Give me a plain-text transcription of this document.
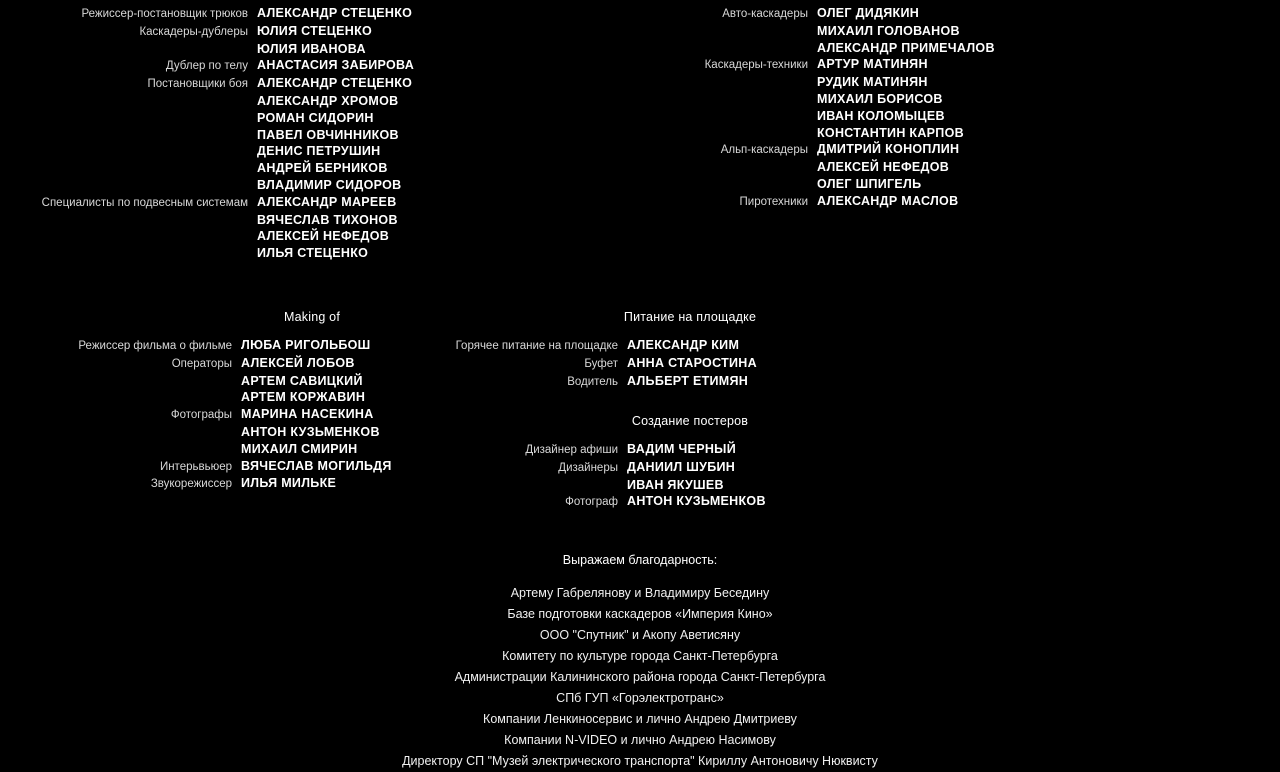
Режиссер-постановщик трюков АЛЕКСАНДР СТЕЦЕНКО
Каскадеры-дублеры ЮЛИЯ СТЕЦЕНКО
ЮЛИЯ ИВАНОВА
Дублер по телу АНАСТАСИЯ ЗАБИРОВА
Постановщики боя АЛЕКСАНДР СТЕЦЕНКО
АЛЕКСАНДР ХРОМОВ
РОМАН СИДОРИН
ПАВЕЛ ОВЧИННИКОВ
ДЕНИС ПЕТРУШИН
АНДРЕЙ БЕРНИКОВ
ВЛАДИМИР СИДОРОВ
Специалисты по подвесным системам АЛЕКСАНДР МАРЕЕВ
ВЯЧЕСЛАВ ТИХОНОВ
АЛЕКСЕЙ НЕФЕДОВ
ИЛЬЯ СТЕЦЕНКО
Авто-каскадеры ОЛЕГ ДИДЯКИН
МИХАИЛ ГОЛОВАНОВ
АЛЕКСАНДР ПРИМЕЧАЛОВ
Каскадеры-техники АРТУР МАТИНЯН
РУДИК МАТИНЯН
МИХАИЛ БОРИСОВ
ИВАН КОЛОМЫЦЕВ
КОНСТАНТИН КАРПОВ
Альп-каскадеры ДМИТРИЙ КОНОПЛИН
АЛЕКСЕЙ НЕФЕДОВ
ОЛЕГ ШПИГЕЛЬ
Пиротехники АЛЕКСАНДР МАСЛОВ
Making of
Режиссер фильма о фильме ЛЮБА РИГОЛЬБОШ
Операторы АЛЕКСЕЙ ЛОБОВ
АРТЕМ САВИЦКИЙ
АРТЕМ КОРЖАВИН
Фотографы МАРИНА НАСЕКИНА
АНТОН КУЗЬМЕНКОВ
МИХАИЛ СМИРИН
Интерьвьюер ВЯЧЕСЛАВ МОГИЛЬДЯ
Звукорежиссер ИЛЬЯ МИЛЬКЕ
Питание на площадке
Горячее питание на площадке АЛЕКСАНДР КИМ
Буфет АННА СТАРОСТИНА
Водитель АЛЬБЕРТ ЕТИМЯН
Создание постеров
Дизайнер афиши ВАДИМ ЧЕРНЫЙ
Дизайнеры ДАНИИЛ ШУБИН
ИВАН ЯКУШЕВ
Фотограф АНТОН КУЗЬМЕНКОВ
Выражаем благодарность:
Артему Габрелянову и Владимиру Беседину
Базе подготовки каскадеров «Империя Кино»
ООО "Спутник" и Акопу Аветисяну
Комитету по культуре города Санкт-Петербурга
Администрации Калининского района города Санкт-Петербурга
СПб ГУП «Горэлектротранс»
Компании Ленкиносервис и лично Андрею Дмитриеву
Компании N-VIDEO и лично Андрею Насимову
Директору СП "Музей электрического транспорта" Кириллу Антоновичу Нюквисту
